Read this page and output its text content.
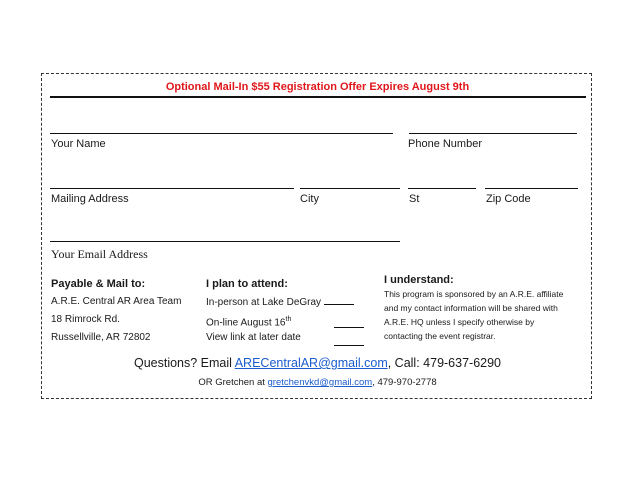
Optional Mail-In $55 Registration Offer Expires August 9th
Your Name	Phone Number
Mailing Address	City	St	Zip Code
Your Email Address
Payable & Mail to:
A.R.E. Central AR Area Team
18 Rimrock Rd.
Russellville, AR 72802
I plan to attend:
In-person at Lake DeGray
On-line August 16th
View link at later date
I understand:
This program is sponsored by an A.R.E. affiliate
and my contact information will be shared with
A.R.E. HQ unless I specify otherwise by
contacting the event registrar.
Questions? Email ARECentralAR@gmail.com, Call: 479-637-6290
OR Gretchen at gretchenvkd@gmail.com, 479-970-2778
